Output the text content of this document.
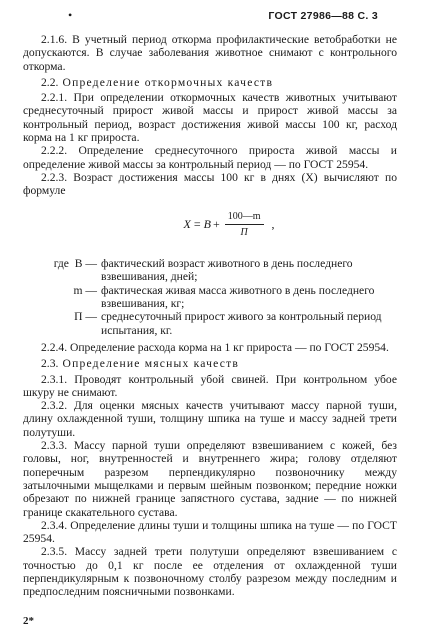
•	ГОСТ 27986—88 С. 3

2.1.6. В учетный период откорма профилактические ветобработки не допускаются. В случае заболевания животное снимают с контрольного откорма.

2.2. Определение откормочных качеств

2.2.1. При определении откормочных качеств животных учитывают среднесуточный прирост живой массы и прирост живой массы за контрольный период, возраст достижения живой массы 100 кг, расход корма на 1 кг прироста.

2.2.2. Определение среднесуточного прироста живой массы и определение живой массы за контрольный период — по ГОСТ 25954.

2.2.3. Возраст достижения массы 100 кг в днях (X) вычисляют по формуле

$X = B + \frac{100—m}{П}$ ,
где B — фактический возраст животного в день последнего взвешивания, дней;
m — фактическая живая масса животного в день последнего взвешивания, кг;
П — среднесуточный прирост живого за контрольный период испытания, кг.

2.2.4. Определение расхода корма на 1 кг прироста — по ГОСТ 25954.

2.3. Определение мясных качеств

2.3.1. Проводят контрольный убой свиней. При контрольном убое шкуру не снимают.

2.3.2. Для оценки мясных качеств учитывают массу парной туши, длину охлажденной туши, толщину шпика на туше и массу задней трети полутуши.

2.3.3. Массу парной туши определяют взвешиванием с кожей, без головы, ног, внутренностей и внутреннего жира; голову отделяют поперечным разрезом перпендикулярно позвоночнику между затылочными мыщелками и первым шейным позвонком; передние ножки обрезают по нижней границе запястного сустава, задние — по нижней границе скакательного сустава.

2.3.4. Определение длины туши и толщины шпика на туше — по ГОСТ 25954.

2.3.5. Массу задней трети полутуши определяют взвешиванием с точностью до 0,1 кг после ее отделения от охлажденной туши перпендикулярным к позвоночному столбу разрезом между последним и предпоследним поясничными позвонками.

2*
